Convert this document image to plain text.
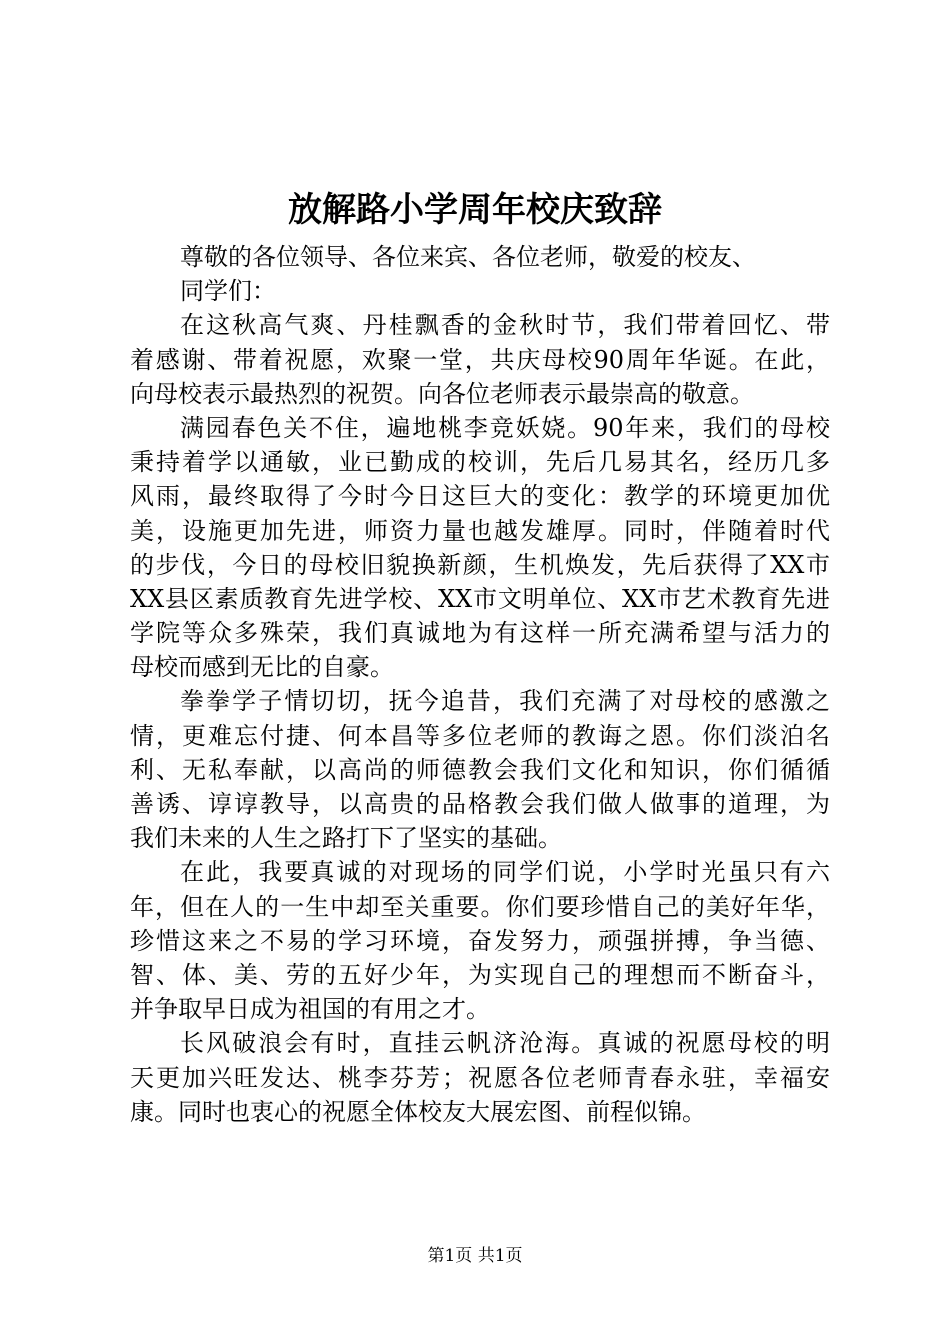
放解路小学周年校庆致辞
尊敬的各位领导、各位来宾、各位老师，敬爱的校友、
同学们：
在这秋高气爽、丹桂飘香的金秋时节，我们带着回忆、带
着感谢、带着祝愿，欢聚一堂，共庆母校90周年华诞。在此，
向母校表示最热烈的祝贺。向各位老师表示最崇高的敬意。
满园春色关不住，遍地桃李竞妖娆。90年来，我们的母校
秉持着学以通敏，业已勤成的校训，先后几易其名，经历几多
风雨，最终取得了今时今日这巨大的变化：教学的环境更加优
美，设施更加先进，师资力量也越发雄厚。同时，伴随着时代
的步伐，今日的母校旧貌换新颜，生机焕发，先后获得了XX市
XX县区素质教育先进学校、XX市文明单位、XX市艺术教育先进
学院等众多殊荣，我们真诚地为有这样一所充满希望与活力的
母校而感到无比的自豪。
拳拳学子情切切，抚今追昔，我们充满了对母校的感激之
情，更难忘付捷、何本昌等多位老师的教诲之恩。你们淡泊名
利、无私奉献，以高尚的师德教会我们文化和知识，你们循循
善诱、谆谆教导，以高贵的品格教会我们做人做事的道理，为
我们未来的人生之路打下了坚实的基础。
在此，我要真诚的对现场的同学们说，小学时光虽只有六
年，但在人的一生中却至关重要。你们要珍惜自己的美好年华，
珍惜这来之不易的学习环境，奋发努力，顽强拼搏，争当德、
智、体、美、劳的五好少年，为实现自己的理想而不断奋斗，
并争取早日成为祖国的有用之才。
长风破浪会有时，直挂云帆济沧海。真诚的祝愿母校的明
天更加兴旺发达、桃李芬芳；祝愿各位老师青春永驻，幸福安
康。同时也衷心的祝愿全体校友大展宏图、前程似锦。
第1页 共1页
